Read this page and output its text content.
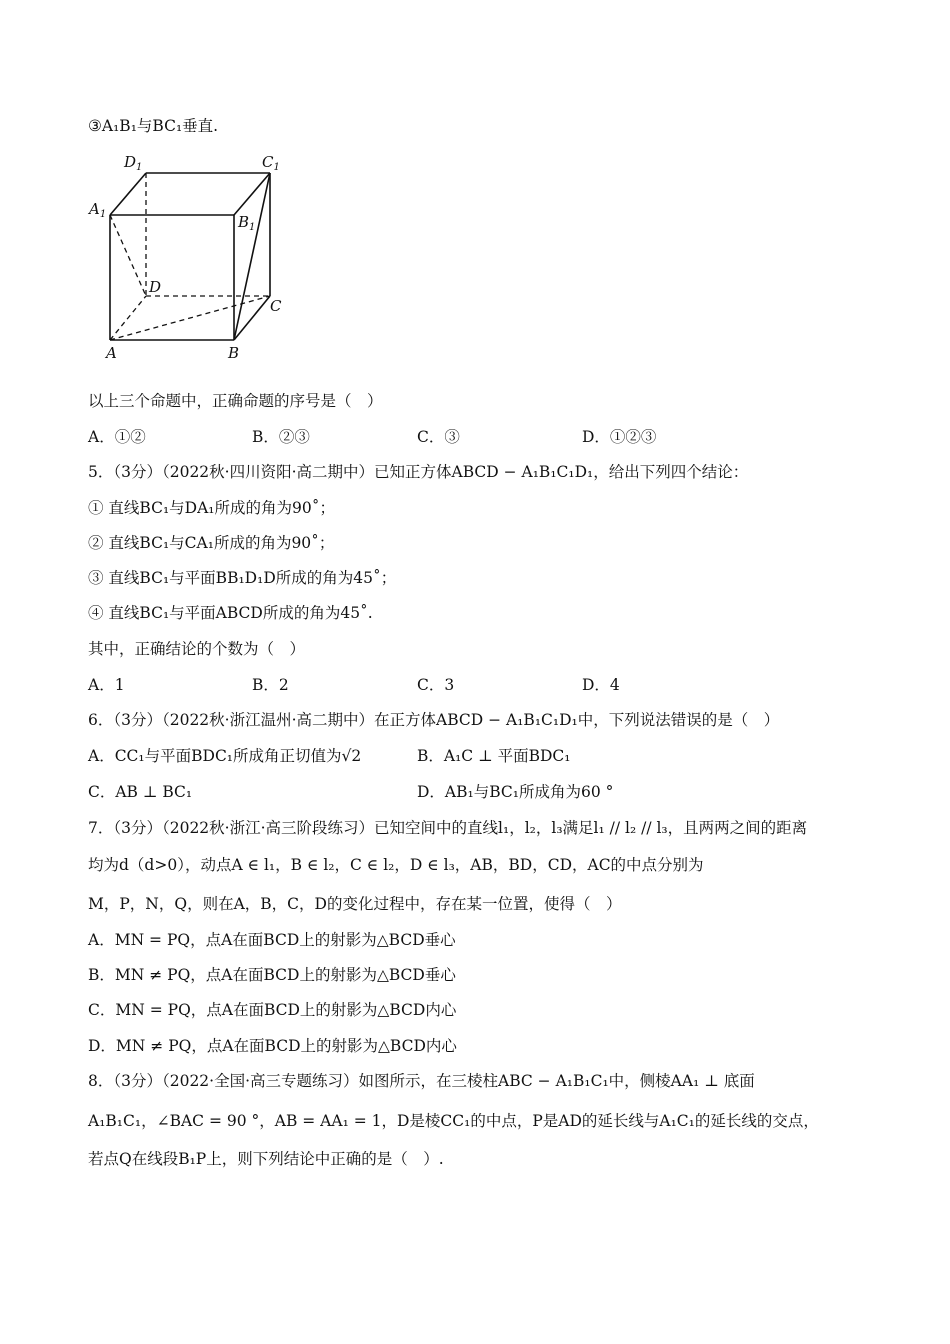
③A₁B₁与BC₁垂直.
$D_1$	$C_1$
$A_1$	$B_1$
D
C
A	B
以上三个命题中，正确命题的序号是（　）
A．①②	B．②③	C．③	D．①②③
5．（3分）（2022秋·四川资阳·高二期中）已知正方体ABCD − A₁B₁C₁D₁，给出下列四个结论：
① 直线BC₁与DA₁所成的角为90˚；
② 直线BC₁与CA₁所成的角为90˚；
③ 直线BC₁与平面BB₁D₁D所成的角为45˚；
④ 直线BC₁与平面ABCD所成的角为45˚.
其中，正确结论的个数为（　）
A．1	B．2	C．3	D．4
6．（3分）（2022秋·浙江温州·高二期中）在正方体ABCD − A₁B₁C₁D₁中，下列说法错误的是（　）
A．CC₁与平面BDC₁所成角正切值为√2	B．A₁C ⊥ 平面BDC₁
C．AB ⊥ BC₁	D．AB₁与BC₁所成角为60 °
7．（3分）（2022秋·浙江·高三阶段练习）已知空间中的直线l₁，l₂，l₃满足l₁ // l₂ // l₃，且两两之间的距离
均为d（d>0），动点A ∈ l₁，B ∈ l₂，C ∈ l₂，D ∈ l₃，AB，BD，CD，AC的中点分别为
M，P，N，Q，则在A，B，C，D的变化过程中，存在某一位置，使得（　）
A．MN = PQ，点A在面BCD上的射影为△BCD垂心
B．MN ≠ PQ，点A在面BCD上的射影为△BCD垂心
C．MN = PQ，点A在面BCD上的射影为△BCD内心
D．MN ≠ PQ，点A在面BCD上的射影为△BCD内心
8．（3分）（2022·全国·高三专题练习）如图所示，在三棱柱ABC − A₁B₁C₁中，侧棱AA₁ ⊥ 底面
A₁B₁C₁，∠BAC = 90 °，AB = AA₁ = 1，D是棱CC₁的中点，P是AD的延长线与A₁C₁的延长线的交点，
若点Q在线段B₁P上，则下列结论中正确的是（　）.
